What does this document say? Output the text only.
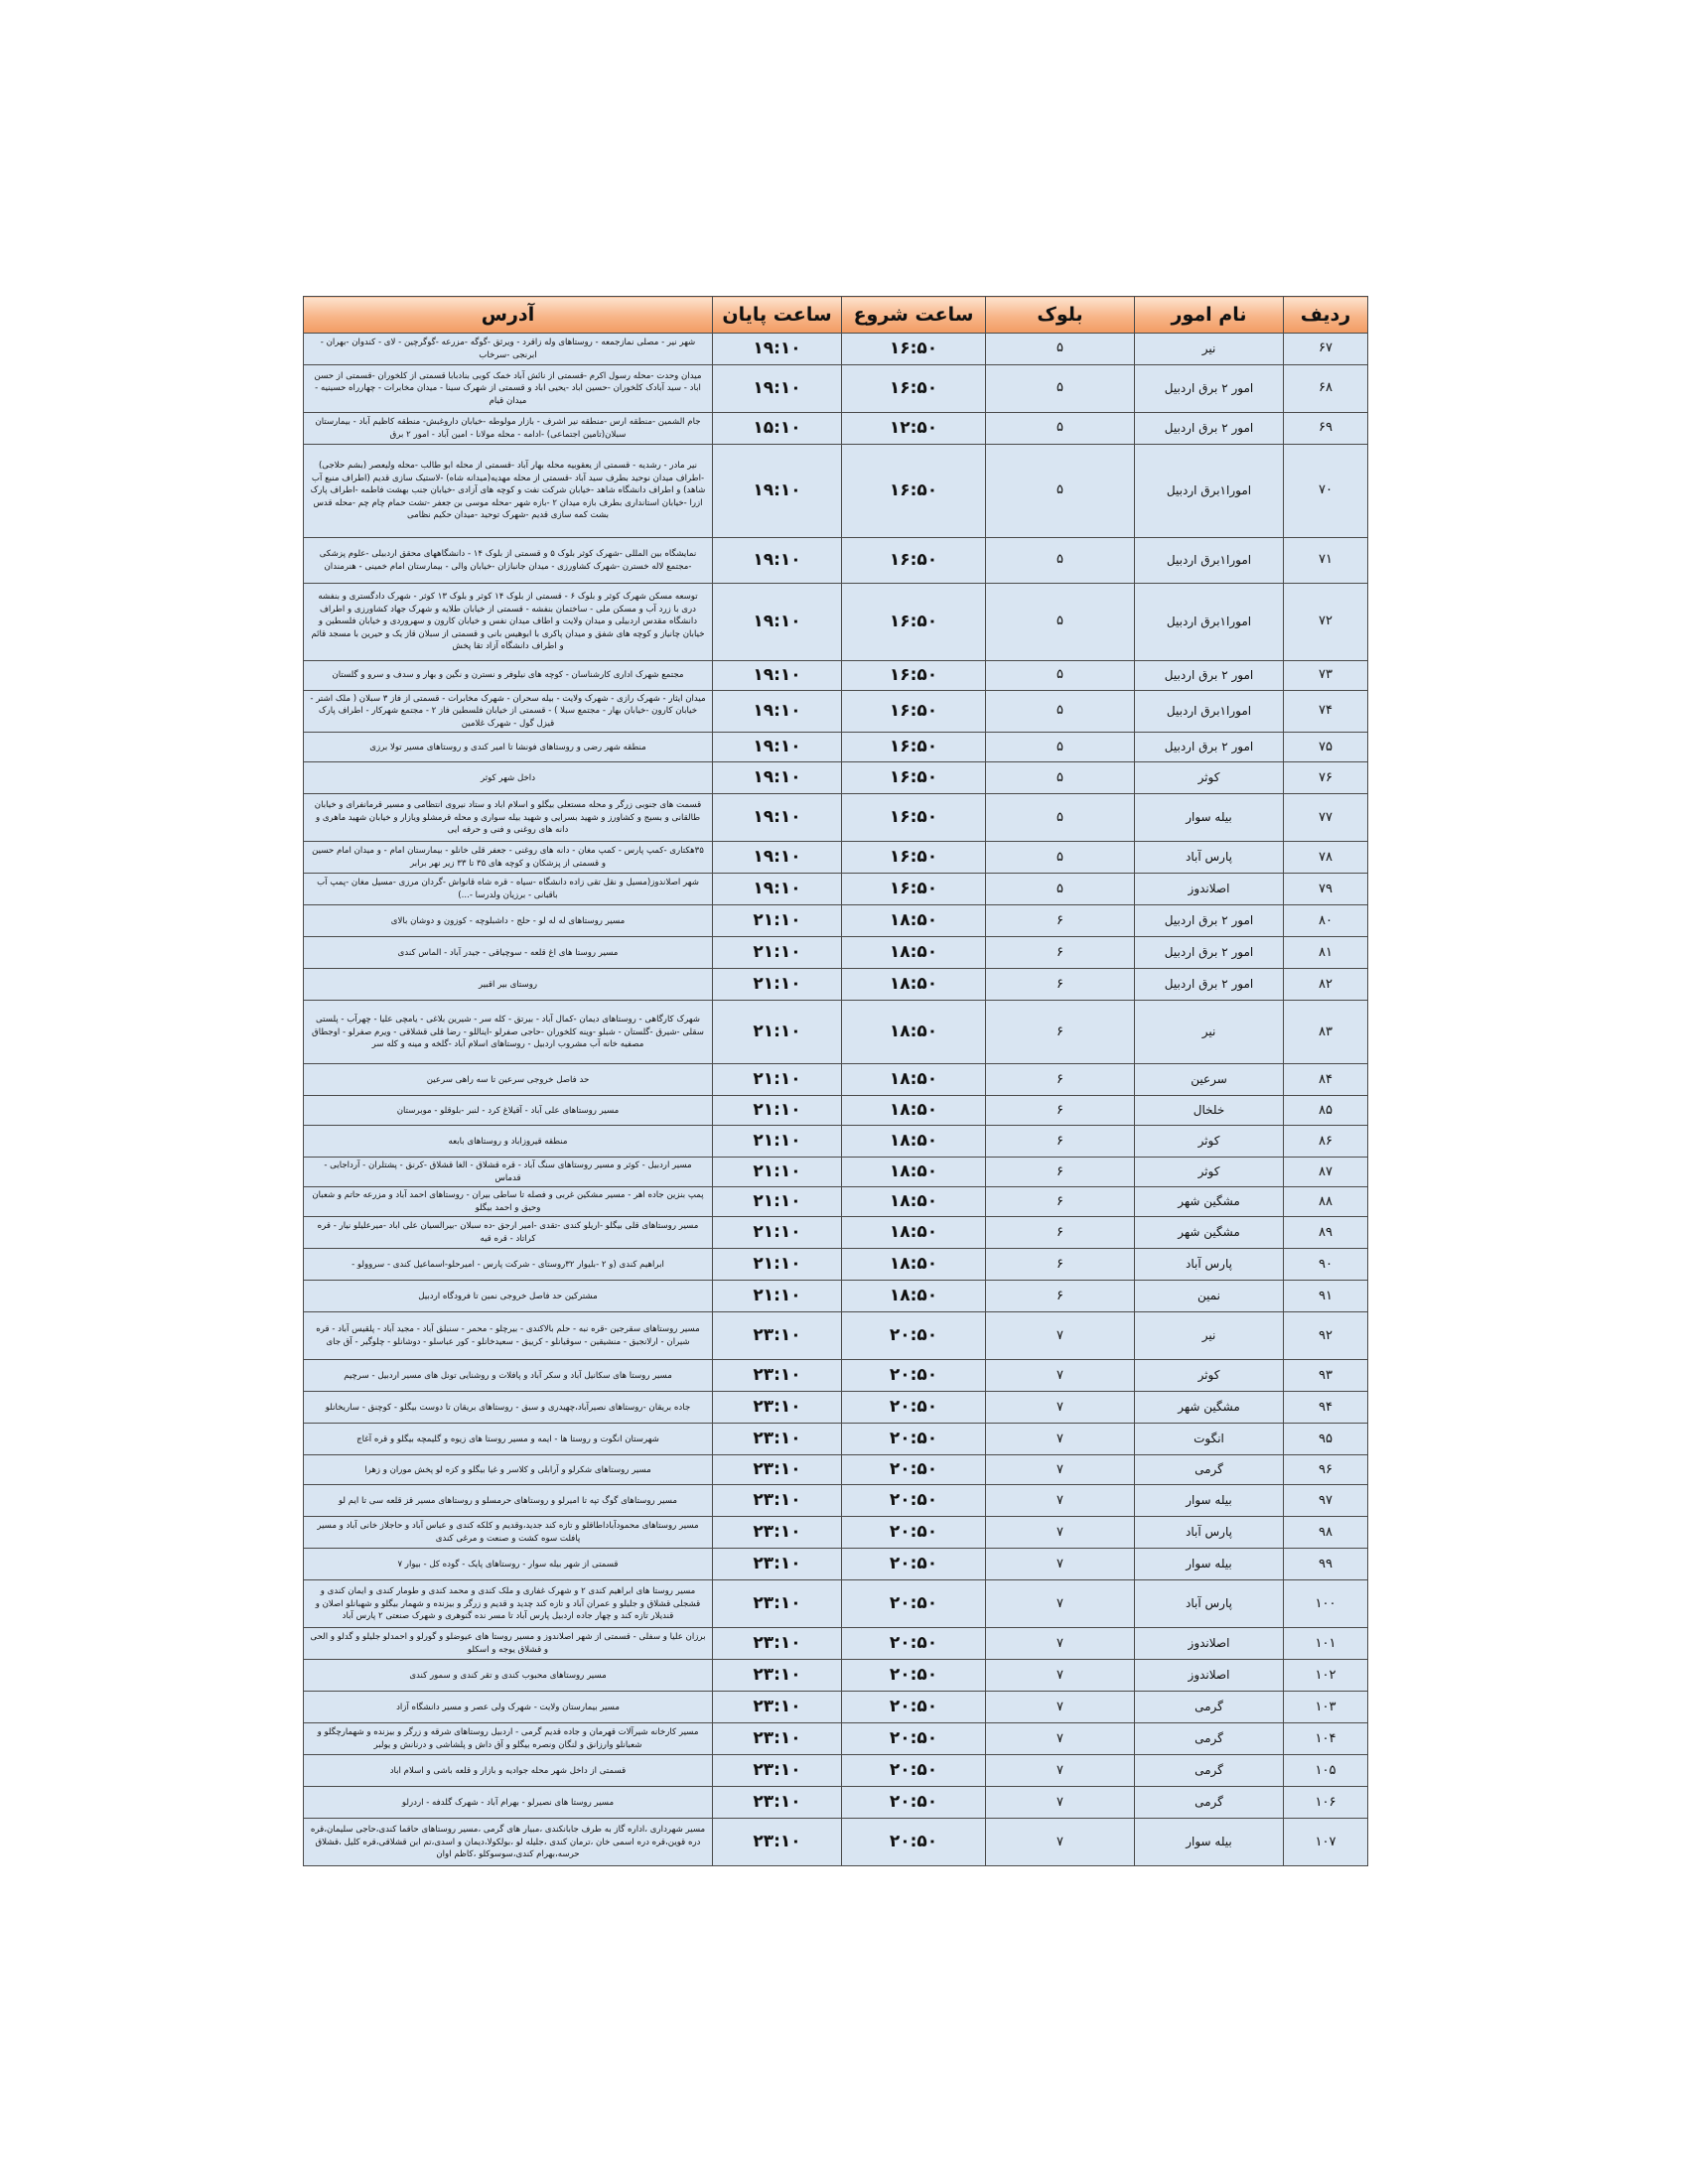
ردیف	نام امور	بلوک	ساعت شروع	ساعت پایان	آدرس
۶۷	نیر	۵	۱۶:۵۰	۱۹:۱۰	شهر نیر - مصلی نمازجمعه - روستاهای وله زاقرد - ویرثق -گوگه -مزرعه -گوگرچین - لای - کندوان -بهران - ابرنجی -سرخاب
۶۸	امور ۲ برق اردبیل	۵	۱۶:۵۰	۱۹:۱۰	میدان وحدت -محله رسول اکرم -قسمتی از نائش آباد خمک کوبی بنادبابا قسمتی از کلخوران -قسمتی از حسن اباد - سید آبادک کلخوران -حسین اباد -یحیی اباد و قسمتی از شهرک سینا - میدان مخابرات - چهارراه حسینیه - میدان قیام
۶۹	امور ۲ برق اردبیل	۵	۱۲:۵۰	۱۵:۱۰	جام الشمین -منطقه ارس -منطقه نیر اشرف - بازار مولوطه -خیابان داروغبش- منطقه کاظیم آباد - بیمارستان سبلان(تامین اجتماعی) -ادامه - محله مولانا - امین آباد - امور ۲ برق
۷۰	امورا۱برق اردبیل	۵	۱۶:۵۰	۱۹:۱۰	نیر مادر - رشدیه - قسمتی از یعقوبیه محله بهار آباد -قسمتی از محله ابو طالب -محله ولیعصر (بشم حلاجی) -اطراف میدان نوحید بطرف سید آباد -قسمتی از محله مهدیه(میدانه شاه) -لاستیک سازی قدیم (اطراف منبع آب شاهد) و اطراف دانشگاه شاهد -خیابان شرکت نفت و کوچه های آزادی -خیابان جنب بهشت فاطمه -اطراف پارک ازرا -خیابان استانداری بطرف بازه میدان ۲ -بازه شهر -محله موسی بن جعفر -تشت حمام چام چم -محله قدس بشت کمه سازی قدیم -شهرک توحید -میدان حکیم نظامی
۷۱	امورا۱برق اردبیل	۵	۱۶:۵۰	۱۹:۱۰	نمایشگاه بین المللی -شهرک کوثر بلوک ۵ و قسمتی از بلوک ۱۴ - دانشگاههای محقق اردبیلی -علوم پزشکی -مجتمع لاله خسترن -شهرک کشاورزی - میدان جانبازان -خیابان والی - بیمارستان امام خمینی - هنرمندان
۷۲	امورا۱برق اردبیل	۵	۱۶:۵۰	۱۹:۱۰	توسعه مسکن شهرک کوثر و بلوک ۶ - قسمتی از بلوک ۱۴ کوثر و بلوک ۱۳ کوثر - شهرک دادگستری و بنفشه دری با زرد آب و مسکن ملی - ساختمان بنفشه - قسمتی از خیابان طلایه و شهرک جهاد کشاورزی و اطراف دانشگاه مقدس اردبیلی و میدان ولایت و اطاف میدان نفس و خیابان کارون و سهروردی و خیابان فلسطین و خیابان چانیاز و کوچه های شفق و میدان پاکری با ابوهیس بانی و قسمتی از سبلان قاز یک و حیرین با مسجد قائم و اطراف دانشگاه آزاد تقا پخش
۷۳	امور ۲ برق اردبیل	۵	۱۶:۵۰	۱۹:۱۰	مجتمع شهرک اداری کارشناسان - کوچه های نیلوفر و نسترن و نگین و بهار و سدف و سرو و گلستان
۷۴	امورا۱برق اردبیل	۵	۱۶:۵۰	۱۹:۱۰	میدان ایثار - شهرک رازی - شهرک ولایت - بیله سحران - شهرک مخابرات - قسمتی از فاز ۳ سبلان ( ملک اشتر - خیابان کارون -خیابان بهار - مجتمع سبلا ) - قسمتی از خیابان فلسطین فاز ۲ - مجتمع شهرکار - اطراف پارک قیزل گول - شهرک غلامین
۷۵	امور ۲ برق اردبیل	۵	۱۶:۵۰	۱۹:۱۰	منطقه شهر رضی و روستاهای فونشا تا امیر کندی و روستاهای مسیر تولا برزی
۷۶	کوثر	۵	۱۶:۵۰	۱۹:۱۰	داخل شهر کوثر
۷۷	بیله سوار	۵	۱۶:۵۰	۱۹:۱۰	قسمت های جنوبی زرگر و محله مستعلی بیگلو و اسلام اباد و ستاد نیروی انتظامی و مسیر قرمانفرای و خیابان طالقانی و بسیج و کشاورز و شهید بسرایی و شهید بیله سواری و محله قرمشلو ویازار و خیابان شهید ماهری و دانه های روغنی و فنی و حرفه ایی
۷۸	پارس آباد	۵	۱۶:۵۰	۱۹:۱۰	۳۵هکتاری -کمپ پارس - کمپ مغان - دانه های روغنی - جعفر قلی خانلو - بیمارستان امام - و میدان امام حسین و قسمتی از پزشکان و کوچه های ۳۵ تا ۳۳ زیر نهر برابر
۷۹	اصلاندوز	۵	۱۶:۵۰	۱۹:۱۰	شهر اصلاندوز(مسیل و نقل تقی زاده دانشگاه -سیاه - قره شاه قانواش -گردان مرزی -مسیل مغان -پمپ آب باقبانی - برزیان ولدرسا -...)
۸۰	امور ۲ برق اردبیل	۶	۱۸:۵۰	۲۱:۱۰	مسیر روستاهای له له لو - حلج - داشبلوچه - کوزون و دوشان بالای
۸۱	امور ۲ برق اردبیل	۶	۱۸:۵۰	۲۱:۱۰	مسیر روستا های اغ قلعه - سوچیاقی - جیدر آباد - الماس کندی
۸۲	امور ۲ برق اردبیل	۶	۱۸:۵۰	۲۱:۱۰	روستای بیر اقبیر
۸۳	نیر	۶	۱۸:۵۰	۲۱:۱۰	شهرک کارگاهی - روستاهای دیمان -کمال آباد - بیرتق - کله سر - شیرین بلاغی - یامچی علیا - چهرآب - پلستی سقلی -شیرق -گلستان - شبلو -وینه کلخوران -حاجی صفرلو -ایناللو - رضا قلی قشلاقی - ویرم صفرلو - اوجطاق مصفیه خانه آب مشروب اردبیل - روستاهای اسلام آباد -گلخه و مینه و کله سر
۸۴	سرعین	۶	۱۸:۵۰	۲۱:۱۰	حد فاصل خروجی سرعین تا سه راهی سرعین
۸۵	خلخال	۶	۱۸:۵۰	۲۱:۱۰	مسیر روستاهای علی آباد - آقیلاغ کرد - لنبر -بلوقلو - موبرستان
۸۶	کوثر	۶	۱۸:۵۰	۲۱:۱۰	منطقه قیروزاباد و روستاهای بابعه
۸۷	کوثر	۶	۱۸:۵۰	۲۱:۱۰	مسیر اردبیل - کوثر و مسیر روستاهای سنگ آباد - قره قشلاق - الغا قشلاق -کرنق - پشتلران - آرداجایی - قدماس
۸۸	مشگین شهر	۶	۱۸:۵۰	۲۱:۱۰	پمپ بنزین جاده اهر - مسیر مشکین غربی و فصله تا ساطی بیران - روستاهای احمد آباد و مزرعه حاتم و شعبان وحیق و احمد بیگلو
۸۹	مشگین شهر	۶	۱۸:۵۰	۲۱:۱۰	مسیر روستاهای قلی بیگلو -اریلو کندی -تقدی -امیر ارجق -ده سبلان -بیرالسیان علی اباد -میرعلیلو نیار - قره کراتاد - قره قیه
۹۰	پارس آباد	۶	۱۸:۵۰	۲۱:۱۰	ابراهیم کندی (و ۲ -بلیوار ۳۲روستای - شرکت پارس - امیرحلو-اسماعیل کندی - سروولو -
۹۱	نمین	۶	۱۸:۵۰	۲۱:۱۰	مشترکین حد فاصل خروجی نمین تا فرودگاه اردبیل
۹۲	نیر	۷	۲۰:۵۰	۲۳:۱۰	مسیر روستاهای سقرجین -قره نبه - حلم بالاکندی - بیرچلو - محمر - سنبلق آباد - مجید آباد - پلقیس آباد - قره شیران - ارلانجیق - منشیقین - سوقیانلو - کرییق - سعیدخانلو - کور عباسلو - دوشانلو - چلوگیر - آق جای
۹۳	کوثر	۷	۲۰:۵۰	۲۳:۱۰	مسیر روستا های سکانیل آباد و سکر آباد و پافلات و روشنایی تونل های مسیر اردبیل - سرچیم
۹۴	مشگین شهر	۷	۲۰:۵۰	۲۳:۱۰	جاده بریقان -روستاهای نصیرآباد،چهیدری و سبق - روستاهای بریقان تا دوست بیگلو - کوچنق - ساریخانلو
۹۵	انگوت	۷	۲۰:۵۰	۲۳:۱۰	شهرستان انگوت و روستا ها - ایمه و مسیر روستا های زیوه و گلیمچه بیگلو و قره آغاج
۹۶	گرمی	۷	۲۰:۵۰	۲۳:۱۰	مسیر روستاهای شکرلو و آرابلی و کلاسر و غیا بیگلو و کزه لو پخش موران و زهرا
۹۷	بیله سوار	۷	۲۰:۵۰	۲۳:۱۰	مسیر روستاهای گوگ تپه تا امیرلو و روستاهای حرمسلو و روستاهای مسیر قز قلعه سی تا ایم لو
۹۸	پارس آباد	۷	۲۰:۵۰	۲۳:۱۰	مسیر روستاهای محمودآباداطاقلو و تازه کند جدید،وقدیم و کلکه کندی و عباس آباد و حاجلاز خانی آباد و مسیر پافلت سوه کشت و صنعت و مرغی کندی
۹۹	بیله سوار	۷	۲۰:۵۰	۲۳:۱۰	قسمتی از شهر بیله سوار - روستاهای پایک - گوده کل - بیوار ۷
۱۰۰	پارس آباد	۷	۲۰:۵۰	۲۳:۱۰	مسیر روستا های ابراهیم کندی ۲ و شهرک غفاری و ملک کندی و محمد کندی و طومار کندی و ایمان کندی و قشجلی قشلاق و جلیلو و عمران آباد و تازه کند چدید و قدیم و زرگر و بیزنده و شهمار بیگلو و شهبانلو اصلان و قندیلار تازه کند و چهار جاده اردبیل پارس آباد تا مسر نده گنوهری و شهرک صنعتی ۲ پارس آباد
۱۰۱	اصلاندوز	۷	۲۰:۵۰	۲۳:۱۰	برزان علیا و سفلی - قسمتی از شهر اصلاندوز و مسیر روستا های عیوضلو و گورلو و احمدلو جلیلو و گدلو و الحی و قشلاق یوجه و اسکلو
۱۰۲	اصلاندوز	۷	۲۰:۵۰	۲۳:۱۰	مسیر روستاهای محبوب کندی و تقر کندی و سمور کندی
۱۰۳	گرمی	۷	۲۰:۵۰	۲۳:۱۰	مسیر بیمارستان ولایت - شهرک ولی عصر و مسیر دانشگاه آزاد
۱۰۴	گرمی	۷	۲۰:۵۰	۲۳:۱۰	مسیر کارخانه شیرآلات قهرمان و جاده قدیم گرمی - اردبیل روستاهای شرقه و زرگر و بیزنده و شهمارچگلو و شعبانلو وارزانق و لنگان ونصره بیگلو و آق داش و پلشاشی و درنانش و یولبر
۱۰۵	گرمی	۷	۲۰:۵۰	۲۳:۱۰	قسمتی از داخل شهر محله جوادیه و بازار و قلعه باشی و اسلام اباد
۱۰۶	گرمی	۷	۲۰:۵۰	۲۳:۱۰	مسیر روستا های نصیرلو - بهرام آباد - شهرک گلدفه - اردرلو
۱۰۷	بیله سوار	۷	۲۰:۵۰	۲۳:۱۰	مسیر شهرداری ،اداره گاز به طرف جابانکندی ،مبیار های گرمی ،مسیر روستاهای حاقما کندی،حاجی سلیمان،قره دره قوین،قره دره اسمی خان ،ترمان کندی ،جلیله لو ،بولکولا،دیمان و اسدی،تم ابن قشلاقی،قره کلیل ،قشلاق حرسه،بهرام کندی،سوسوکلو ،کاظم اوان
